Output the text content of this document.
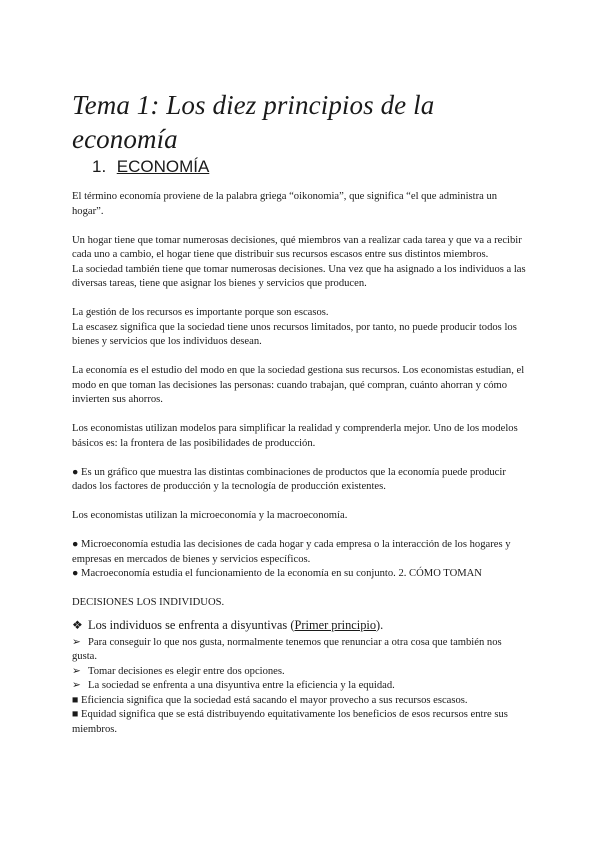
Tema 1: Los diez principios de la economía
1. ECONOMÍA

El término economía proviene de la palabra griega “oikonomia”, que significa “el que administra un hogar”.

Un hogar tiene que tomar numerosas decisiones, qué miembros van a realizar cada tarea y que va a recibir cada uno a cambio, el hogar tiene que distribuir sus recursos escasos entre sus distintos miembros.

La sociedad también tiene que tomar numerosas decisiones. Una vez que ha asignado a los individuos a las diversas tareas, tiene que asignar los bienes y servicios que producen.

La gestión de los recursos es importante porque son escasos.

La escasez significa que la sociedad tiene unos recursos limitados, por tanto, no puede producir todos los bienes y servicios que los individuos desean.

La economía es el estudio del modo en que la sociedad gestiona sus recursos. Los economistas estudian, el modo en que toman las decisiones las personas: cuando trabajan, qué compran, cuánto ahorran y cómo invierten sus ahorros.

Los economistas utilizan modelos para simplificar la realidad y comprenderla mejor. Uno de los modelos básicos es: la frontera de las posibilidades de producción.

● Es un gráfico que muestra las distintas combinaciones de productos que la economía puede producir dados los factores de producción y la tecnología de producción existentes.

Los economistas utilizan la microeconomía y la macroeconomía.

● Microeconomía estudia las decisiones de cada hogar y cada empresa o la interacción de los hogares y empresas en mercados de bienes y servicios específicos.

● Macroeconomía estudia el funcionamiento de la economía en su conjunto. 2. CÓMO TOMAN

DECISIONES LOS INDIVIDUOS.

❖ Los individuos se enfrenta a disyuntivas (Primer principio).

➢ Para conseguir lo que nos gusta, normalmente tenemos que renunciar a otra cosa que también nos gusta.

➢ Tomar decisiones es elegir entre dos opciones.

➢ La sociedad se enfrenta a una disyuntiva entre la eficiencia y la equidad.

■ Eficiencia significa que la sociedad está sacando el mayor provecho a sus recursos escasos.

■ Equidad significa que se está distribuyendo equitativamente los beneficios de esos recursos entre sus miembros.
